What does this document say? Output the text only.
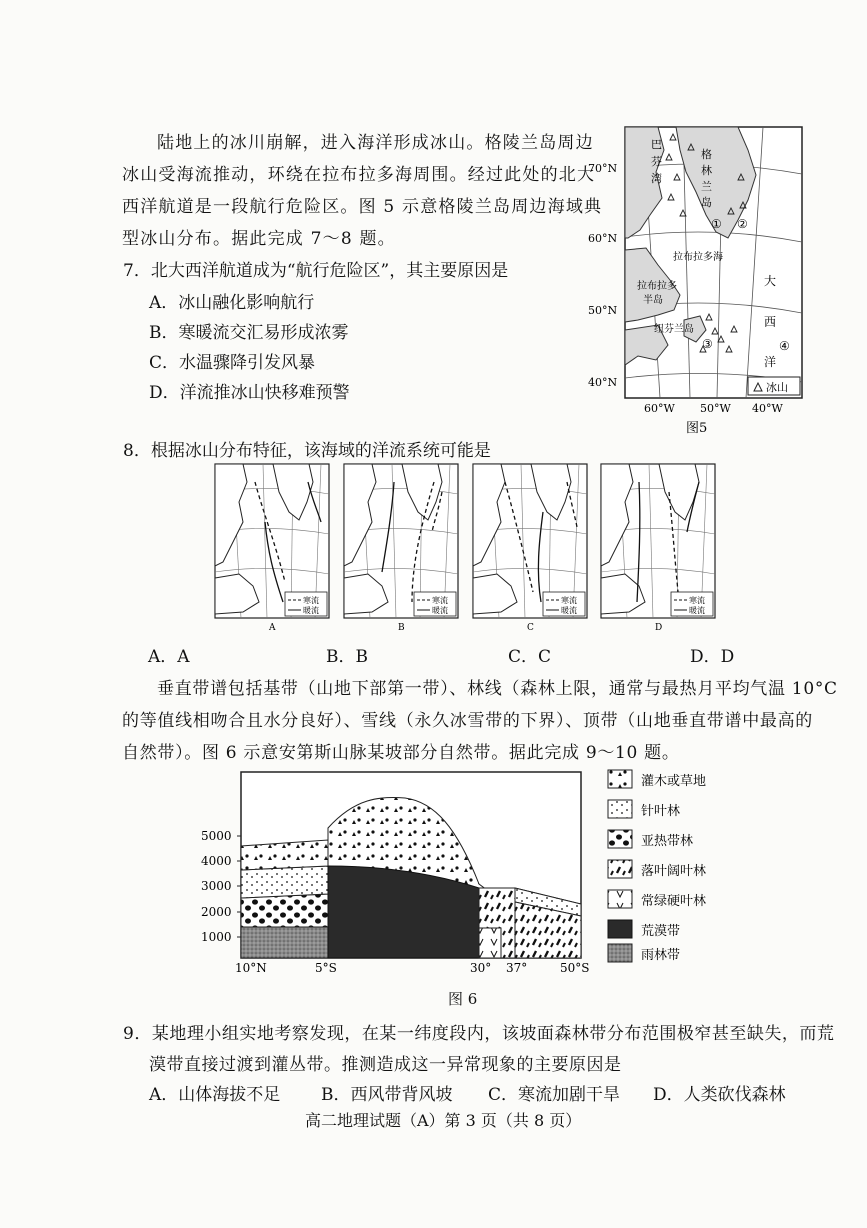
陆地上的冰川崩解，进入海洋形成冰山。格陵兰岛周边
冰山受海流推动，环绕在拉布拉多海周围。经过此处的北大
西洋航道是一段航行危险区。图 5 示意格陵兰岛周边海域典
型冰山分布。据此完成 7～8 题。
7．北大西洋航道成为“航行危险区”，其主要原因是
A．冰山融化影响航行
B．寒暖流交汇易形成浓雾
C．水温骤降引发风暴
D．洋流推冰山快移难预警
巴
芬
湾
格
林
兰
岛
拉布拉多海
拉布拉多
半岛
纽芬兰岛
大
西
洋
① ②
③	④
冰山
70°N
60°N
50°N
40°N
60°W 50°W 40°W
图5
8．根据冰山分布特征，该海域的洋流系统可能是
寒流
暖流
A
寒流
暖流
B
寒流
暖流
C
寒流
暖流
D
A．A	B．B	C．C	D．D
垂直带谱包括基带（山地下部第一带）、林线（森林上限，通常与最热月平均气温 10°C
的等值线相吻合且水分良好）、雪线（永久冰雪带的下界）、顶带（山地垂直带谱中最高的
自然带）。图 6 示意安第斯山脉某坡部分自然带。据此完成 9～10 题。
5000
4000
3000
2000
1000
10°N	5°S	30° 37°	50°S
灌木或草地
针叶林
亚热带林
落叶阔叶林
常绿硬叶林
荒漠带
雨林带
图 6
9．某地理小组实地考察发现，在某一纬度段内，该坡面森林带分布范围极窄甚至缺失，而荒
漠带直接过渡到灌丛带。推测造成这一异常现象的主要原因是
A．山体海拔不足 B．西风带背风坡 C．寒流加剧干旱 D．人类砍伐森林
高二地理试题（A）第 3 页（共 8 页）
